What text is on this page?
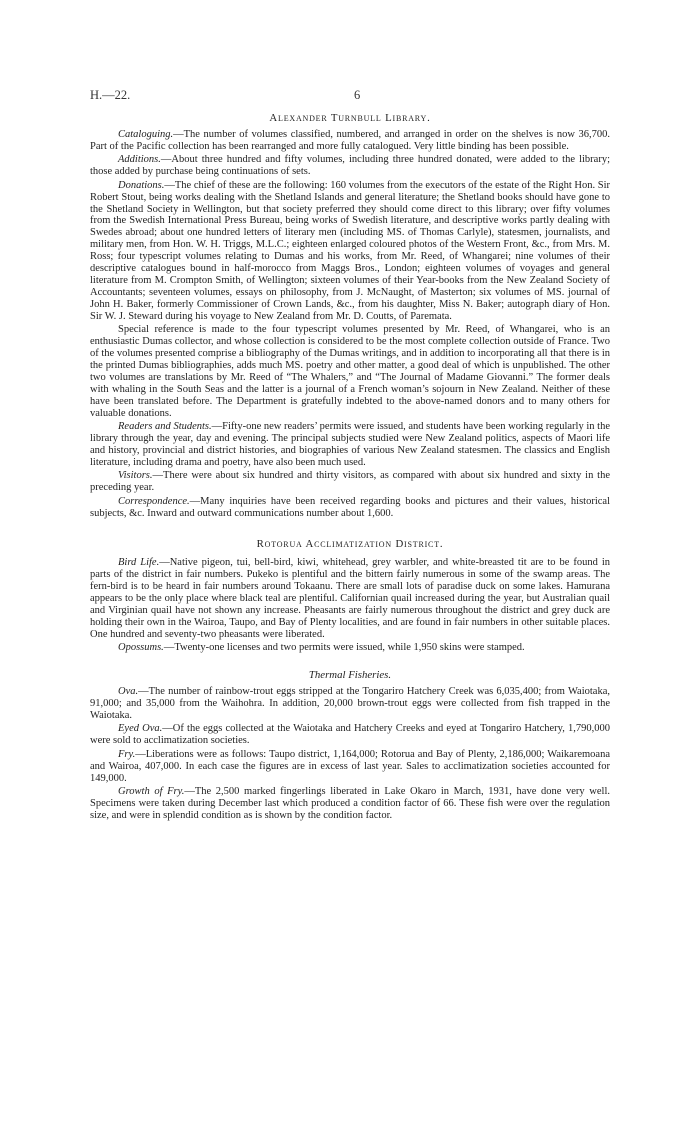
H.—22.	6
Alexander Turnbull Library.

Cataloguing.—The number of volumes classified, numbered, and arranged in order on the shelves is now 36,700. Part of the Pacific collection has been rearranged and more fully catalogued. Very little binding has been possible.

Additions.—About three hundred and fifty volumes, including three hundred donated, were added to the library; those added by purchase being continuations of sets.

Donations.—The chief of these are the following: 160 volumes from the executors of the estate of the Right Hon. Sir Robert Stout, being works dealing with the Shetland Islands and general literature; the Shetland books should have gone to the Shetland Society in Wellington, but that society preferred they should come direct to this library; over fifty volumes from the Swedish International Press Bureau, being works of Swedish literature, and descriptive works partly dealing with Swedes abroad; about one hundred letters of literary men (including MS. of Thomas Carlyle), statesmen, journalists, and military men, from Hon. W. H. Triggs, M.L.C.; eighteen enlarged coloured photos of the Western Front, &c., from Mrs. M. Ross; four typescript volumes relating to Dumas and his works, from Mr. Reed, of Whangarei; nine volumes of their descriptive catalogues bound in half-morocco from Maggs Bros., London; eighteen volumes of voyages and general literature from M. Crompton Smith, of Wellington; sixteen volumes of their Year-books from the New Zealand Society of Accountants; seventeen volumes, essays on philosophy, from J. McNaught, of Masterton; six volumes of MS. journal of John H. Baker, formerly Commissioner of Crown Lands, &c., from his daughter, Miss N. Baker; autograph diary of Hon. Sir W. J. Steward during his voyage to New Zealand from Mr. D. Coutts, of Paremata.

Special reference is made to the four typescript volumes presented by Mr. Reed, of Whangarei, who is an enthusiastic Dumas collector, and whose collection is considered to be the most complete collection outside of France. Two of the volumes presented comprise a bibliography of the Dumas writings, and in addition to incorporating all that there is in the printed Dumas bibliographies, adds much MS. poetry and other matter, a good deal of which is unpublished. The other two volumes are translations by Mr. Reed of “The Whalers,” and “The Journal of Madame Giovanni.” The former deals with whaling in the South Seas and the latter is a journal of a French woman’s sojourn in New Zealand. Neither of these have been translated before. The Department is gratefully indebted to the above-named donors and to many others for valuable donations.

Readers and Students.—Fifty-one new readers’ permits were issued, and students have been working regularly in the library through the year, day and evening. The principal subjects studied were New Zealand politics, aspects of Maori life and history, provincial and district histories, and biographies of various New Zealand statesmen. The classics and English literature, including drama and poetry, have also been much used.

Visitors.—There were about six hundred and thirty visitors, as compared with about six hundred and sixty in the preceding year.

Correspondence.—Many inquiries have been received regarding books and pictures and their values, historical subjects, &c. Inward and outward communications number about 1,600.

Rotorua Acclimatization District.

Bird Life.—Native pigeon, tui, bell-bird, kiwi, whitehead, grey warbler, and white-breasted tit are to be found in parts of the district in fair numbers. Pukeko is plentiful and the bittern fairly numerous in some of the swamp areas. The fern-bird is to be heard in fair numbers around Tokaanu. There are small lots of paradise duck on some lakes. Hamurana appears to be the only place where black teal are plentiful. Californian quail increased during the year, but Australian quail and Virginian quail have not shown any increase. Pheasants are fairly numerous throughout the district and grey duck are holding their own in the Wairoa, Taupo, and Bay of Plenty localities, and are found in fair numbers in other suitable places. One hundred and seventy-two pheasants were liberated.

Opossums.—Twenty-one licenses and two permits were issued, while 1,950 skins were stamped.

Thermal Fisheries.

Ova.—The number of rainbow-trout eggs stripped at the Tongariro Hatchery Creek was 6,035,400; from Waiotaka, 91,000; and 35,000 from the Waihohra. In addition, 20,000 brown-trout eggs were collected from fish trapped in the Waiotaka.

Eyed Ova.—Of the eggs collected at the Waiotaka and Hatchery Creeks and eyed at Tongariro Hatchery, 1,790,000 were sold to acclimatization societies.

Fry.—Liberations were as follows: Taupo district, 1,164,000; Rotorua and Bay of Plenty, 2,186,000; Waikaremoana and Wairoa, 407,000. In each case the figures are in excess of last year. Sales to acclimatization societies accounted for 149,000.

Growth of Fry.—The 2,500 marked fingerlings liberated in Lake Okaro in March, 1931, have done very well. Specimens were taken during December last which produced a condition factor of 66. These fish were over the regulation size, and were in splendid condition as is shown by the condition factor.
